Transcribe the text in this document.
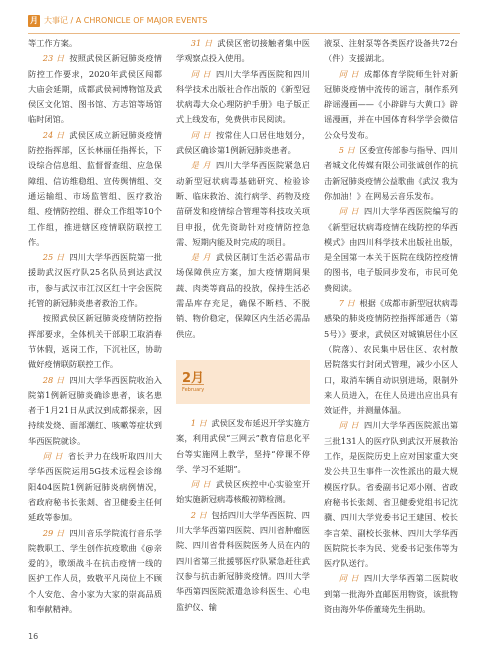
月 大事记 / A CHRONICLE OF MAJOR EVENTS

等工作方案。

23 日 按照武侯区新冠肺炎疫情防控工作要求，2020年武侯区闯都大庙会延期，成都武侯祠博物馆及武侯区文化馆、图书馆、方志馆等场馆临时闭馆。

24 日 武侯区成立新冠肺炎疫情防控指挥部，区长林丽任指挥长，下设综合信息组、监督督查组、应急保障组、信访维稳组、宣传舆情组、交通运输组、市场监管组、医疗救治组、疫情防控组、群众工作组等10个工作组，推进辖区疫情联防联控工作。

25 日 四川大学华西医院第一批援助武汉医疗队25名队员到达武汉市，参与武汉市江汉区红十字会医院托管的新冠肺炎患者救治工作。

按照武侯区新冠肺炎疫情防控指挥部要求，全体机关干部职工取消春节休假，返岗工作，下沉社区，协助做好疫情联防联控工作。

28 日 四川大学华西医院收治入院第1例新冠肺炎确诊患者，该名患者于1月21日从武汉到成都探亲，因持续发烧、面部潮红、咳嗽等症状到华西医院就诊。

同 日 省长尹力在线听取四川大学华西医院运用5G技术远程会诊绵阳404医院1例新冠肺炎病例情况，省政府秘书长张剡、省卫健委主任何延政等参加。

29 日 四川音乐学院流行音乐学院教职工、学生创作抗疫歌曲《@亲爱的》，歌颂战斗在抗击疫情一线的医护工作人员，致敬平凡岗位上不顾个人安危、舍小家为大家的崇高品质和奉献精神。

31 日 武侯区密切接触者集中医学观察点投入使用。

同 日 四川大学华西医院和四川科学技术出版社合作出版的《新型冠状病毒大众心理防护手册》电子版正式上线发布，免费供市民阅读。

同 日 按常住人口居住地划分，武侯区确诊第1例新冠肺炎患者。

是 月 四川大学华西医院紧急启动新型冠状病毒基础研究、检验诊断、临床救治、流行病学、药物及疫苗研发和疫情综合管理等科技攻关项目申报，优先资助针对疫情防控急需、短期内能及时完成的项目。

是 月 武侯区制订生活必需品市场保障供应方案，加大疫情期间果蔬、肉类等商品的投放，保持生活必需品库存充足，确保不断档、不脱销、物价稳定，保障区内生活必需品供应。

2月
February

1 日 武侯区发布延迟开学实施方案，利用武侯“三网云”教育信息化平台等实施网上教学，坚持“停课不停学、学习不延期”。

同 日 武侯区疾控中心实验室开始实施新冠病毒核酸初筛检测。

2 日 包括四川大学华西医院、四川大学华西第四医院、四川省肿瘤医院、四川省骨科医院医务人员在内的四川省第三批援鄂医疗队紧急赶往武汉参与抗击新冠肺炎疫情。四川大学华西第四医院派遣急诊科医生、心电监护仪、输

液泵、注射泵等各类医疗设备共72台（件）支援湖北。

同 日 成都体育学院师生针对新冠肺炎疫情中流传的谣言，制作系列辟谣漫画——《小辟辟与大黄口》辟谣漫画，并在中国体育科学学会微信公众号发布。

5 日 区委宣传部参与指导、四川者城文化传媒有限公司张诚创作的抗击新冠肺炎疫情公益歌曲《武汉 我为你加油！》在网易云音乐发布。

同 日 四川大学华西医院编写的《新型冠状病毒疫情在线防控的华西模式》由四川科学技术出版社出版，是全国第一本关于医院在线防控疫情的图书，电子版同步发布，市民可免费阅读。

7 日 根据《成都市新型冠状病毒感染的肺炎疫情防控指挥部通告（第5号）》要求，武侯区对城镇居住小区（院落）、农民集中居住区、农村散居院落实行封闭式管理，减少小区人口，取消车辆自动识别进场，限制外来人员进入，在住人员进出应出具有效证件，并测量体温。

同 日 四川大学华西医院派出第三批131人的医疗队到武汉开展救治工作，是医院历史上应对国家重大突发公共卫生事件一次性派出的最大规模医疗队。省委副书记邓小刚、省政府秘书长张剡、省卫健委党组书记沈骥、四川大学党委书记王建国、校长李言荣、副校长张林、四川大学华西医院院长李为民、党委书记张伟等为医疗队送行。

同 日 四川大学华西第二医院收到第一批海外直邮医用物资，该批物资由海外华侨董琦先生捐助。

16
